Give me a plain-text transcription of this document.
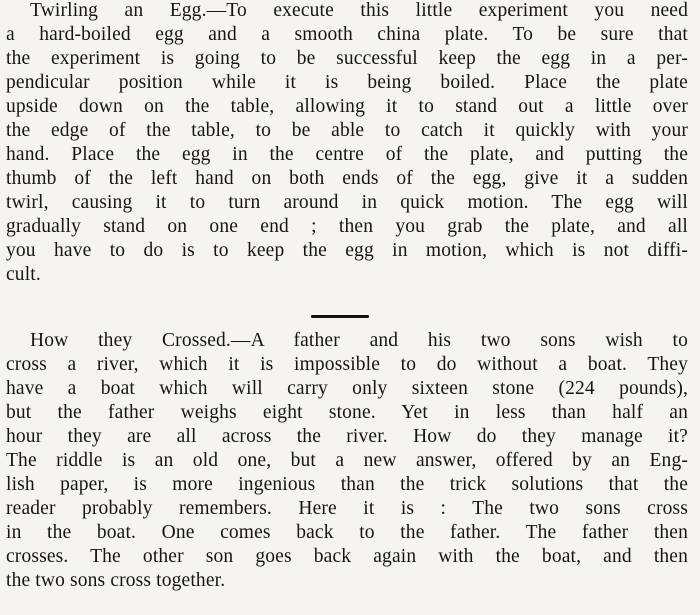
Twirling an Egg.—To execute this little experiment you need
a hard-boiled egg and a smooth china plate. To be sure that
the experiment is going to be successful keep the egg in a per-
pendicular position while it is being boiled. Place the plate
upside down on the table, allowing it to stand out a little over
the edge of the table, to be able to catch it quickly with your
hand. Place the egg in the centre of the plate, and putting the
thumb of the left hand on both ends of the egg, give it a sudden
twirl, causing it to turn around in quick motion. The egg will
gradually stand on one end ; then you grab the plate, and all
you have to do is to keep the egg in motion, which is not diffi-
cult.
How they Crossed.—A father and his two sons wish to
cross a river, which it is impossible to do without a boat. They
have a boat which will carry only sixteen stone (224 pounds),
but the father weighs eight stone. Yet in less than half an
hour they are all across the river. How do they manage it?
The riddle is an old one, but a new answer, offered by an Eng-
lish paper, is more ingenious than the trick solutions that the
reader probably remembers. Here it is : The two sons cross
in the boat. One comes back to the father. The father then
crosses. The other son goes back again with the boat, and then
the two sons cross together.
